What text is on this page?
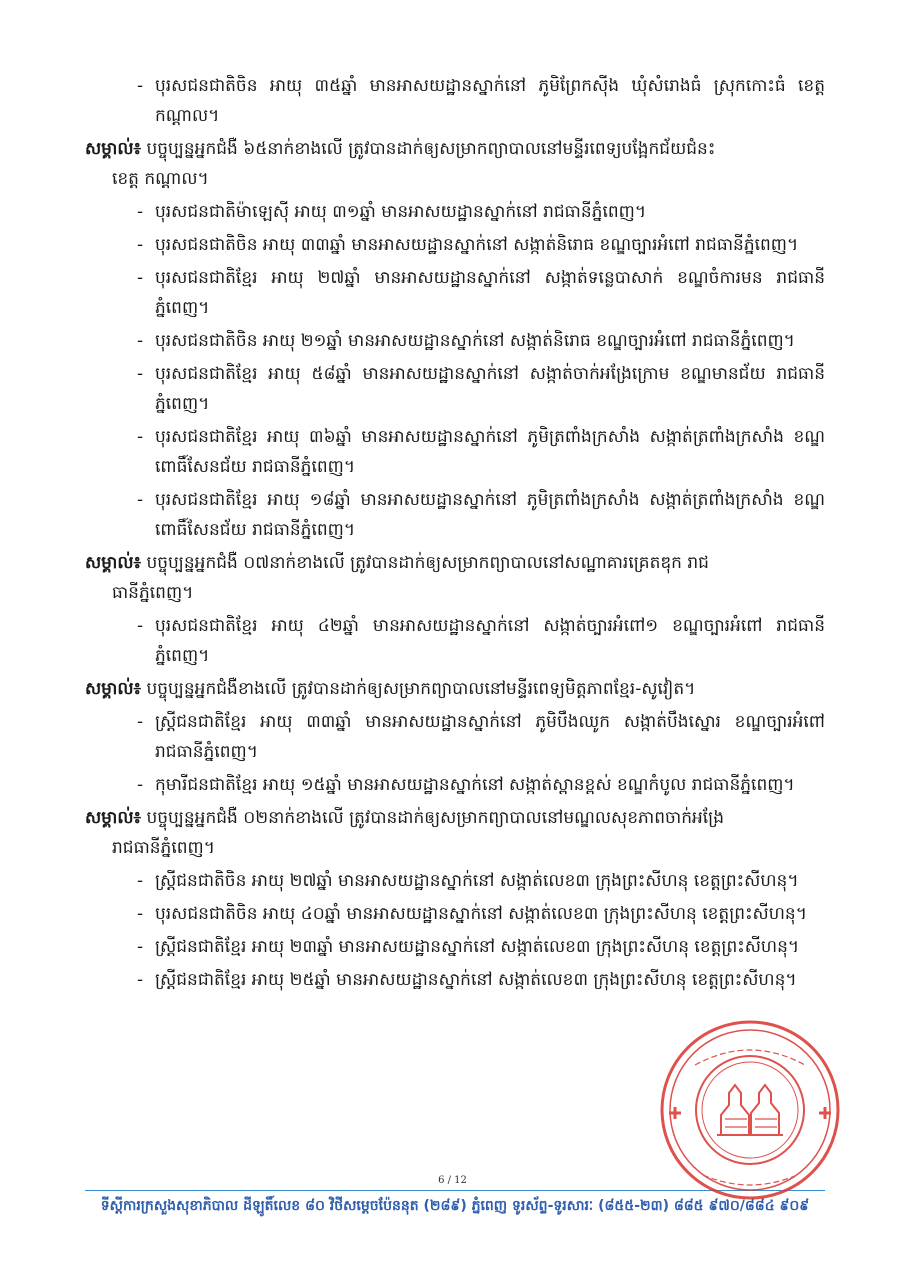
- បុរសជនជាតិចិន អាយុ ៣៥ឆ្នាំ មានអាសយដ្ឋានស្នាក់នៅ ភូមិព្រែកស៊ីង ឃុំសំរោងធំ ស្រុកកោះធំ ខេត្តកណ្តាល។
សម្គាល់៖ បច្ចុប្បន្នអ្នកជំងឺ ៦៥នាក់ខាងលើ ត្រូវបានដាក់ឲ្យសម្រាកព្យាបាលនៅមន្ទីរពេទ្យបង្អែកជ័យជំនះ
ខេត្ត កណ្តាល។
- បុរសជនជាតិម៉ាឡេស៊ី អាយុ ៣១ឆ្នាំ មានអាសយដ្ឋានស្នាក់នៅ រាជធានីភ្នំពេញ។
- បុរសជនជាតិចិន អាយុ ៣៣ឆ្នាំ មានអាសយដ្ឋានស្នាក់នៅ សង្កាត់និរោធ ខណ្ឌច្បារអំពៅ រាជធានីភ្នំពេញ។
- បុរសជនជាតិខ្មែរ អាយុ ២៧ឆ្នាំ មានអាសយដ្ឋានស្នាក់នៅ សង្កាត់ទន្លេបាសាក់ ខណ្ឌចំការមន រាជធានីភ្នំពេញ។
- បុរសជនជាតិចិន អាយុ ២១ឆ្នាំ មានអាសយដ្ឋានស្នាក់នៅ សង្កាត់និរោធ ខណ្ឌច្បារអំពៅ រាជធានីភ្នំពេញ។
- បុរសជនជាតិខ្មែរ អាយុ ៥៨ឆ្នាំ មានអាសយដ្ឋានស្នាក់នៅ សង្កាត់ចាក់អង្រែក្រោម ខណ្ឌមានជ័យ រាជធានីភ្នំពេញ។
- បុរសជនជាតិខ្មែរ អាយុ ៣៦ឆ្នាំ មានអាសយដ្ឋានស្នាក់នៅ ភូមិត្រពាំងក្រសាំង សង្កាត់ត្រពាំងក្រសាំង ខណ្ឌពោធិ៍សែនជ័យ រាជធានីភ្នំពេញ។
- បុរសជនជាតិខ្មែរ អាយុ ១៨ឆ្នាំ មានអាសយដ្ឋានស្នាក់នៅ ភូមិត្រពាំងក្រសាំង សង្កាត់ត្រពាំងក្រសាំង ខណ្ឌពោធិ៍សែនជ័យ រាជធានីភ្នំពេញ។
សម្គាល់៖ បច្ចុប្បន្នអ្នកជំងឺ ០៧នាក់ខាងលើ ត្រូវបានដាក់ឲ្យសម្រាកព្យាបាលនៅសណ្ឋាគារគ្រេតឌុក រាជ
ធានីភ្នំពេញ។
- បុរសជនជាតិខ្មែរ អាយុ ៤២ឆ្នាំ មានអាសយដ្ឋានស្នាក់នៅ សង្កាត់ច្បារអំពៅ១ ខណ្ឌច្បារអំពៅ រាជធានីភ្នំពេញ។
សម្គាល់៖ បច្ចុប្បន្នអ្នកជំងឺខាងលើ ត្រូវបានដាក់ឲ្យសម្រាកព្យាបាលនៅមន្ទីរពេទ្យមិត្តភាពខ្មែរ-សូវៀត។
- ស្ត្រីជនជាតិខ្មែរ អាយុ ៣៣ឆ្នាំ មានអាសយដ្ឋានស្នាក់នៅ ភូមិបឹងឈូក សង្កាត់បឹងស្នោរ ខណ្ឌច្បារអំពៅ រាជធានីភ្នំពេញ។
- កុមារីជនជាតិខ្មែរ អាយុ ១៥ឆ្នាំ មានអាសយដ្ឋានស្នាក់នៅ សង្កាត់ស្ពានខ្ពស់ ខណ្ឌកំបូល រាជធានីភ្នំពេញ។
សម្គាល់៖ បច្ចុប្បន្នអ្នកជំងឺ ០២នាក់ខាងលើ ត្រូវបានដាក់ឲ្យសម្រាកព្យាបាលនៅមណ្ឌលសុខភាពចាក់អង្រែ
រាជធានីភ្នំពេញ។
- ស្ត្រីជនជាតិចិន អាយុ ២៧ឆ្នាំ មានអាសយដ្ឋានស្នាក់នៅ សង្កាត់លេខ៣ ក្រុងព្រះសីហនុ ខេត្តព្រះសីហនុ។
- បុរសជនជាតិចិន អាយុ ៤០ឆ្នាំ មានអាសយដ្ឋានស្នាក់នៅ សង្កាត់លេខ៣ ក្រុងព្រះសីហនុ ខេត្តព្រះសីហនុ។
- ស្ត្រីជនជាតិខ្មែរ អាយុ ២៣ឆ្នាំ មានអាសយដ្ឋានស្នាក់នៅ សង្កាត់លេខ៣ ក្រុងព្រះសីហនុ ខេត្តព្រះសីហនុ។
- ស្ត្រីជនជាតិខ្មែរ អាយុ ២៥ឆ្នាំ មានអាសយដ្ឋានស្នាក់នៅ សង្កាត់លេខ៣ ក្រុងព្រះសីហនុ ខេត្តព្រះសីហនុ។
6 / 12
ទីស្តីការក្រសួងសុខាភិបាល ដីឡូតិ៍លេខ ៨០ វិថីសម្តេចប៉ែននុត (២៨៩) ភ្នំពេញ ទូរស័ព្ទ-ទូរសារៈ (៨៥៥-២៣) ៨៨៥ ៩៧០/៨៨៤ ៩០៩
